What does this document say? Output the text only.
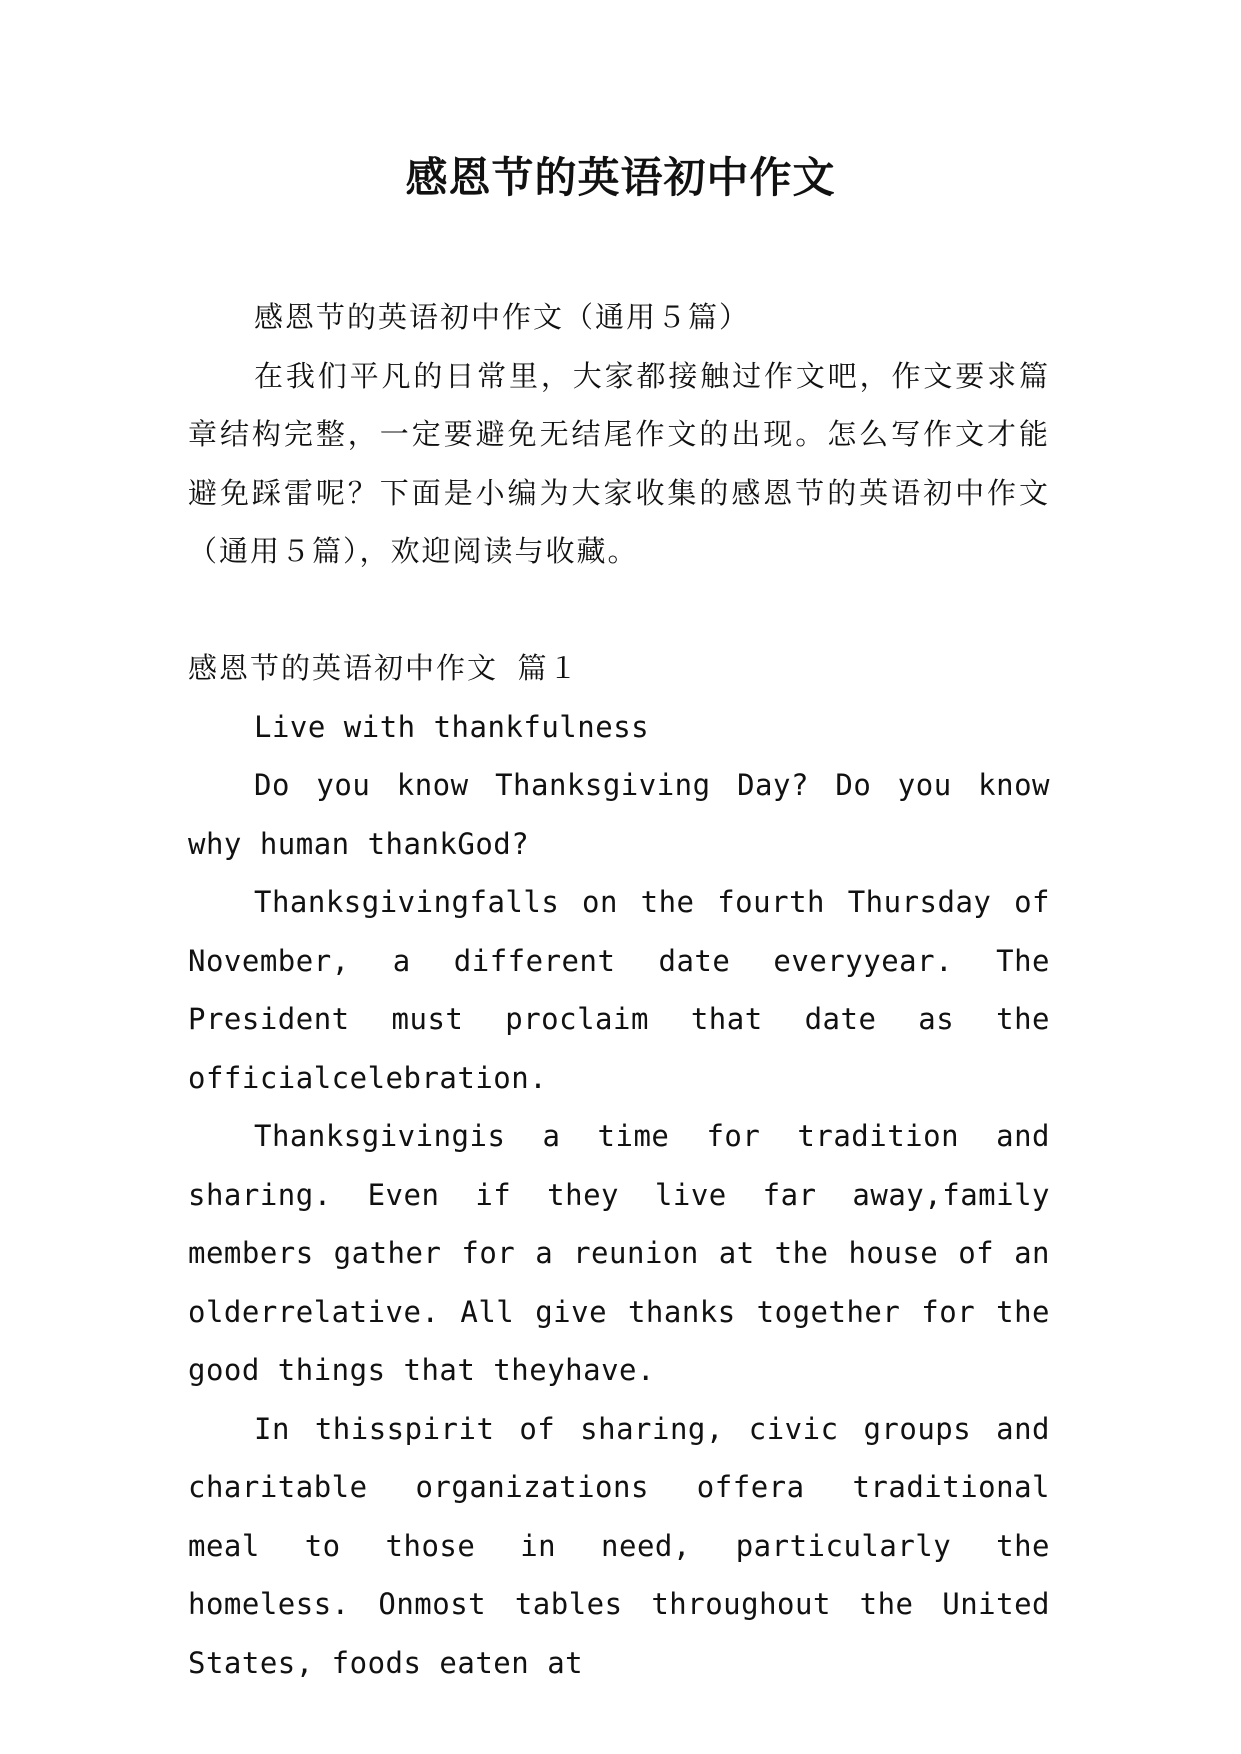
感恩节的英语初中作文

感恩节的英语初中作文（通用５篇）

在我们平凡的日常里，大家都接触过作文吧，作文要求篇章结构完整，一定要避免无结尾作文的出现。怎么写作文才能避免踩雷呢？下面是小编为大家收集的感恩节的英语初中作文（通用５篇），欢迎阅读与收藏。

感恩节的英语初中作文 篇１

Live with thankfulness

Do you know Thanksgiving Day? Do you know why human thankGod?

Thanksgivingfalls on the fourth Thursday of November, a different date everyyear. The President must proclaim that date as the officialcelebration.

Thanksgivingis a time for tradition and sharing. Even if they live far away,family members gather for a reunion at the house of an olderrelative. All give thanks together for the good things that theyhave.

In thisspirit of sharing, civic groups and charitable organizations offera traditional meal to those in need, particularly the homeless. Onmost tables throughout the United States, foods eaten at
